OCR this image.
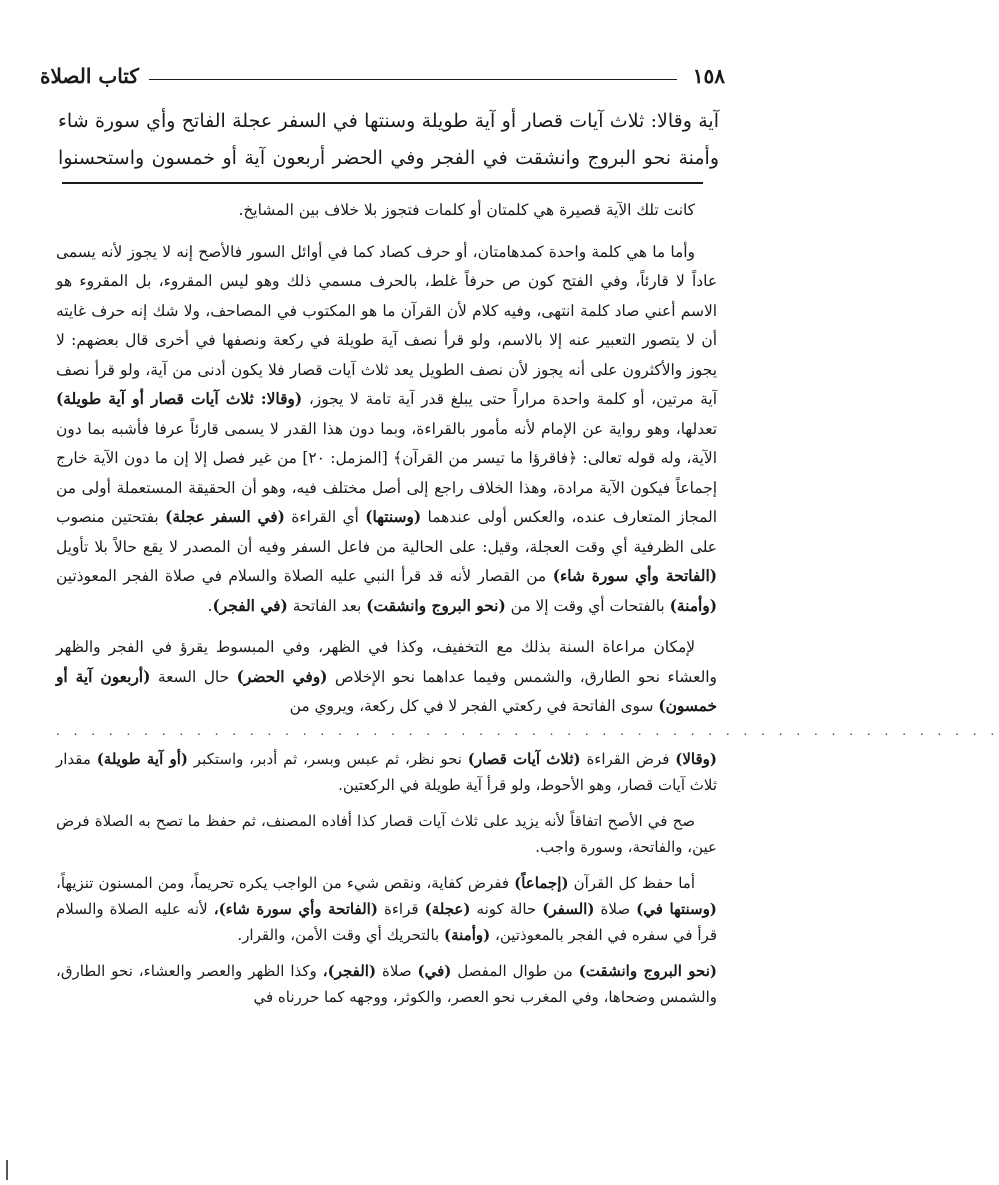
١٥٨
كتاب الصلاة

آية وقالا: ثلاث آيات قصار أو آية طويلة وسنتها في السفر عجلة الفاتح وأي سورة شاء

وأمنة نحو البروج وانشقت في الفجر وفي الحضر أربعون آية أو خمسون واستحسنوا

كانت تلك الآية قصيرة هي كلمتان أو كلمات فتجوز بلا خلاف بين المشايخ.

وأما ما هي كلمة واحدة كمدهامتان، أو حرف كصاد كما في أوائل السور فالأصح إنه لا يجوز لأنه يسمى عاداً لا قارئاً، وفي الفتح كون ص حرفاً غلط، بالحرف مسمي ذلك وهو ليس المقروء، بل المقروء هو الاسم أعني صاد كلمة انتهى، وفيه كلام لأن القرآن ما هو المكتوب في المصاحف، ولا شك إنه حرف غايته أن لا يتصور التعبير عنه إلا بالاسم، ولو قرأ نصف آية طويلة في ركعة ونصفها في أخرى قال بعضهم: لا يجوز والأكثرون على أنه يجوز لأن نصف الطويل يعد ثلاث آيات قصار فلا يكون أدنى من آية، ولو قرأ نصف آية مرتين، أو كلمة واحدة مراراً حتى يبلغ قدر آية تامة لا يجوز، (وقالا: ثلاث آيات قصار أو آية طويلة) تعدلها، وهو رواية عن الإمام لأنه مأمور بالقراءة، وبما دون هذا القدر لا يسمى قارئاً عرفا فأشبه بما دون الآية، وله قوله تعالى: ﴿فاقرؤا ما تيسر من القرآن﴾ [المزمل: ٢٠] من غير فصل إلا إن ما دون الآية خارج إجماعاً فيكون الآية مرادة، وهذا الخلاف راجع إلى أصل مختلف فيه، وهو أن الحقيقة المستعملة أولى من المجاز المتعارف عنده، والعكس أولى عندهما (وسنتها) أي القراءة (في السفر عجلة) بفتحتين منصوب على الظرفية أي وقت العجلة، وقيل: على الحالية من فاعل السفر وفيه أن المصدر لا يقع حالاً بلا تأويل (الفاتحة وأي سورة شاء) من القصار لأنه قد قرأ النبي عليه الصلاة والسلام في صلاة الفجر المعوذتين (وأمنة) بالفتحات أي وقت إلا من (نحو البروج وانشقت) بعد الفاتحة (في الفجر).

لإمكان مراعاة السنة بذلك مع التخفيف، وكذا في الظهر، وفي المبسوط يقرؤ في الفجر والظهر والعشاء نحو الطارق، والشمس وفيما عداهما نحو الإخلاص (وفي الحضر) حال السعة (أربعون آية أو خمسون) سوى الفاتحة في ركعتي الفجر لا في كل ركعة، ويروي من

. . . . . . . . . . . . . . . . . . . . . . . . . . . . . . . . . . . . . . . . . . . . . . . . . . . . . .

(وقالا) فرض القراءة (ثلاث آيات قصار) نحو نظر، ثم عبس وبسر، ثم أدبر، واستكبر (أو آية طويلة) مقدار ثلاث آيات قصار، وهو الأحوط، ولو قرأ آية طويلة في الركعتين.

صح في الأصح اتفاقاً لأنه يزيد على ثلاث آيات قصار كذا أفاده المصنف، ثم حفظ ما تصح به الصلاة فرض عين، والفاتحة، وسورة واجب.

أما حفظ كل القرآن (إجماعاً) ففرض كفاية، ونقص شيء من الواجب يكره تحريماً، ومن المسنون تنزيهاً، (وسنتها في) صلاة (السفر) حالة كونه (عجلة) قراءة (الفاتحة وأي سورة شاء)، لأنه عليه الصلاة والسلام قرأ في سفره في الفجر بالمعوذتين، (وأمنة) بالتحريك أي وقت الأمن، والقرار.

(نحو البروج وانشقت) من طوال المفصل (في) صلاة (الفجر)، وكذا الظهر والعصر والعشاء، نحو الطارق، والشمس وضحاها، وفي المغرب نحو العصر، والكوثر، ووجهه كما حررناه في
